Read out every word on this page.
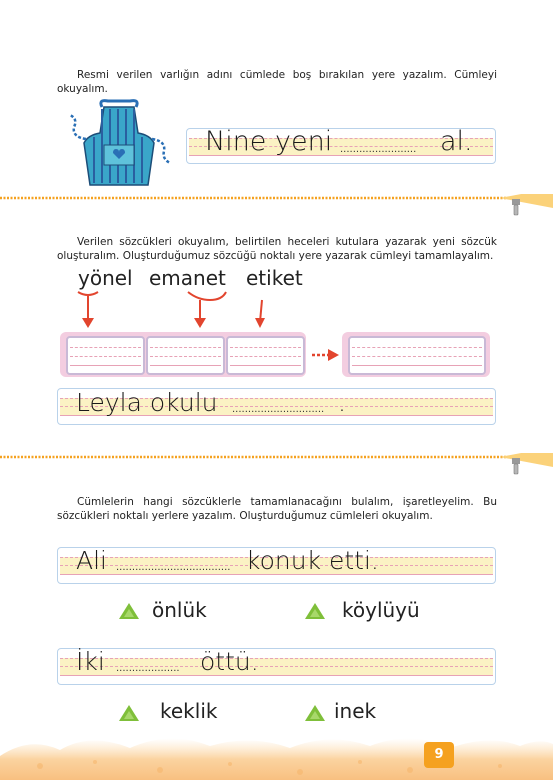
Resmi verilen varlığın adını cümlede boş bırakılan yere yazalım. Cümleyi okuyalım.
Nine yeni ........................ al.
Verilen sözcükleri okuyalım, belirtilen heceleri kutulara yazarak yeni sözcük oluşturalım. Oluşturduğumuz sözcüğü noktalı yere yazarak cümleyi tamamlayalım.
yönel emanet etiket
Leyla okulu ............................. .
Cümlelerin hangi sözcüklerle tamamlanacağını bulalım, işaretleyelim. Bu sözcükleri noktalı yerlere yazalım. Oluşturduğumuz cümleleri okuyalım.
Ali .................................... konuk etti.
önlük	köylüyü
İki .................... öttü.
keklik	inek
9
